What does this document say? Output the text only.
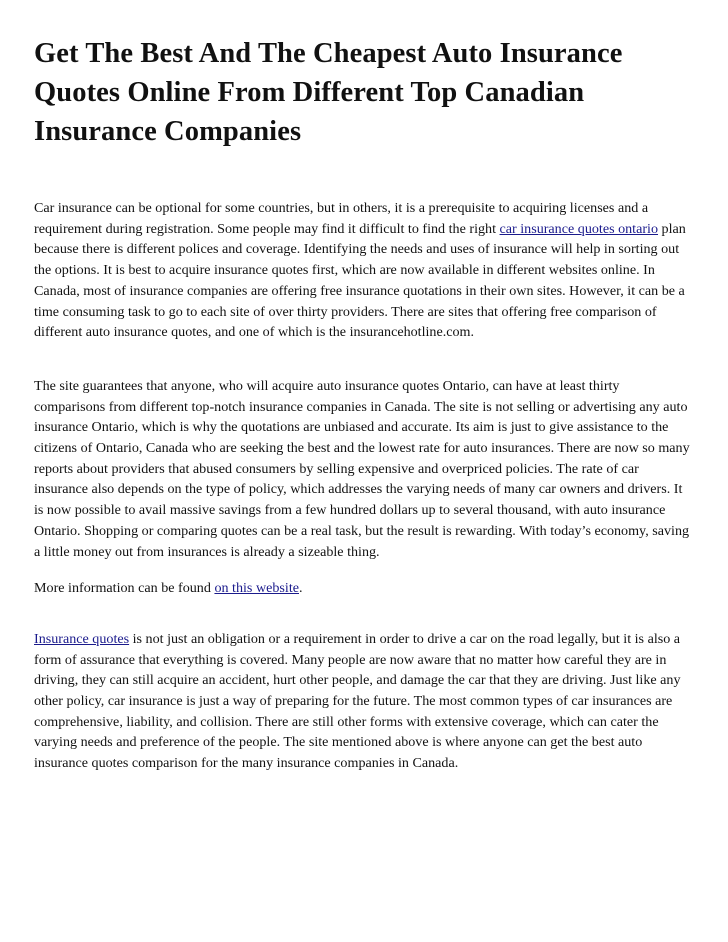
Get The Best And The Cheapest Auto Insurance Quotes Online From Different Top Canadian Insurance Companies

Car insurance can be optional for some countries, but in others, it is a prerequisite to acquiring licenses and a requirement during registration. Some people may find it difficult to find the right car insurance quotes ontario plan because there is different polices and coverage. Identifying the needs and uses of insurance will help in sorting out the options. It is best to acquire insurance quotes first, which are now available in different websites online. In Canada, most of insurance companies are offering free insurance quotations in their own sites. However, it can be a time consuming task to go to each site of over thirty providers. There are sites that offering free comparison of different auto insurance quotes, and one of which is the insurancehotline.com.

The site guarantees that anyone, who will acquire auto insurance quotes Ontario, can have at least thirty comparisons from different top-notch insurance companies in Canada. The site is not selling or advertising any auto insurance Ontario, which is why the quotations are unbiased and accurate. Its aim is just to give assistance to the citizens of Ontario, Canada who are seeking the best and the lowest rate for auto insurances. There are now so many reports about providers that abused consumers by selling expensive and overpriced policies. The rate of car insurance also depends on the type of policy, which addresses the varying needs of many car owners and drivers. It is now possible to avail massive savings from a few hundred dollars up to several thousand, with auto insurance Ontario. Shopping or comparing quotes can be a real task, but the result is rewarding. With today’s economy, saving a little money out from insurances is already a sizeable thing.

More information can be found on this website.

Insurance quotes is not just an obligation or a requirement in order to drive a car on the road legally, but it is also a form of assurance that everything is covered. Many people are now aware that no matter how careful they are in driving, they can still acquire an accident, hurt other people, and damage the car that they are driving. Just like any other policy, car insurance is just a way of preparing for the future. The most common types of car insurances are comprehensive, liability, and collision. There are still other forms with extensive coverage, which can cater the varying needs and preference of the people. The site mentioned above is where anyone can get the best auto insurance quotes comparison for the many insurance companies in Canada.
